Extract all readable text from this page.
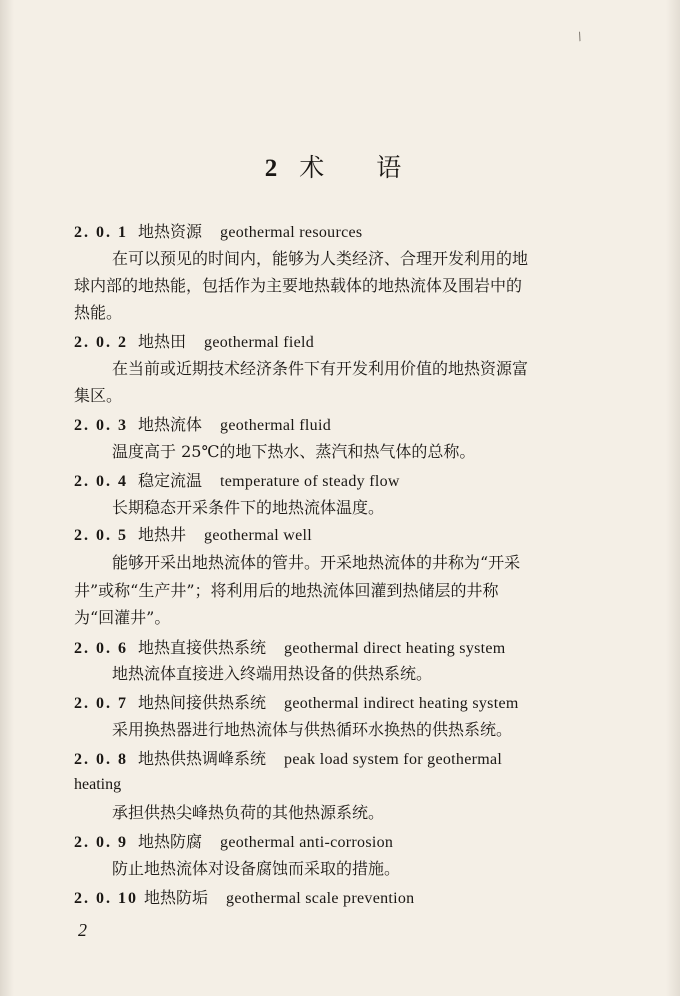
/
2术 语
2. 0. 1 地热资源 geothermal resources
在可以预见的时间内，能够为人类经济、合理开发利用的地
球内部的地热能，包括作为主要地热载体的地热流体及围岩中的
热能。
2. 0. 2 地热田 geothermal field
在当前或近期技术经济条件下有开发利用价值的地热资源富
集区。
2. 0. 3 地热流体 geothermal fluid
温度高于 25℃的地下热水、蒸汽和热气体的总称。
2. 0. 4 稳定流温 temperature of steady flow
长期稳态开采条件下的地热流体温度。
2. 0. 5 地热井 geothermal well
能够开采出地热流体的管井。开采地热流体的井称为“开采
井”或称“生产井”；将利用后的地热流体回灌到热储层的井称
为“回灌井”。
2. 0. 6 地热直接供热系统 geothermal direct heating system
地热流体直接进入终端用热设备的供热系统。
2. 0. 7 地热间接供热系统 geothermal indirect heating system
采用换热器进行地热流体与供热循环水换热的供热系统。
2. 0. 8 地热供热调峰系统 peak load system for geothermal
heating
承担供热尖峰热负荷的其他热源系统。
2. 0. 9 地热防腐 geothermal anti-corrosion
防止地热流体对设备腐蚀而采取的措施。
2. 0. 10 地热防垢 geothermal scale prevention
2
